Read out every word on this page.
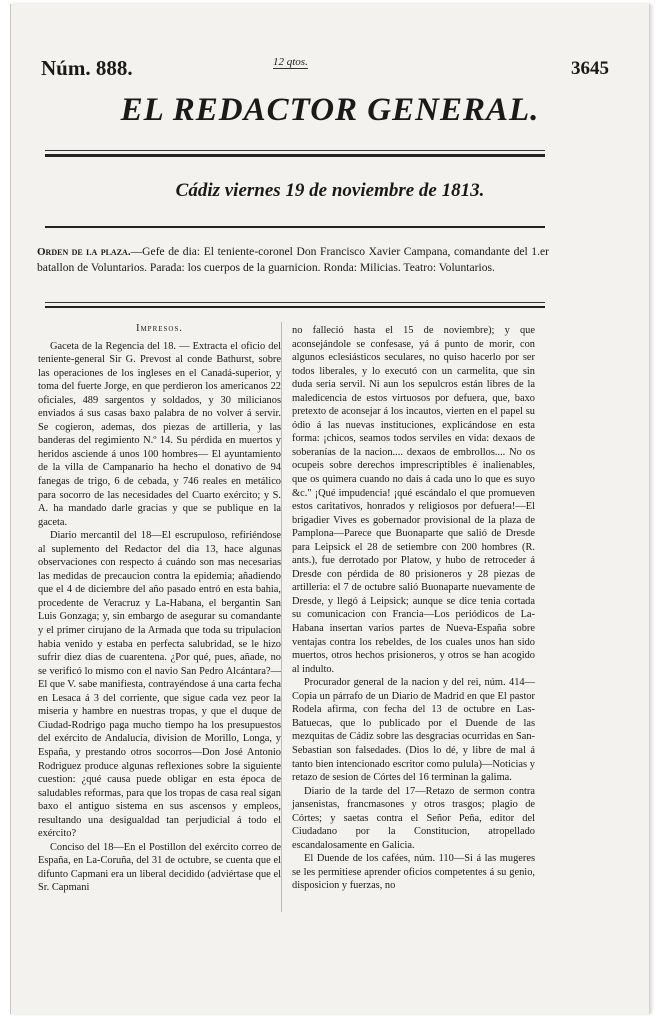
Núm. 888.	12 qtos.	3645
EL REDACTOR GENERAL.
Cádiz viernes 19 de noviembre de 1813.
Orden de la plaza.—Gefe de dia: El teniente-coronel Don Francisco Xavier Campana, comandante del 1.er batallon de Voluntarios. Parada: los cuerpos de la guarnicion. Ronda: Milicias. Teatro: Voluntarios.

Impresos.

Gaceta de la Regencia del 18. — Extracta el oficio del teniente-general Sir G. Prevost al conde Bathurst, sobre las operaciones de los ingleses en el Canadá-superior, y toma del fuerte Jorge, en que perdieron los americanos 22 oficiales, 489 sargentos y soldados, y 30 milicianos enviados á sus casas baxo palabra de no volver á servir. Se cogieron, ademas, dos piezas de artilleria, y las banderas del regimiento N.º 14. Su pérdida en muertos y heridos asciende á unos 100 hombres— El ayuntamiento de la villa de Campanario ha hecho el donativo de 94 fanegas de trigo, 6 de cebada, y 746 reales en metálico para socorro de las necesidades del Cuarto exército; y S. A. ha mandado darle gracias y que se publique en la gaceta.

Diario mercantil del 18—El escrupuloso, refiriéndose al suplemento del Redactor del dia 13, hace algunas observaciones con respecto á cuándo son mas necesarias las medidas de precaucion contra la epidemia; añadiendo que el 4 de diciembre del año pasado entró en esta bahia, procedente de Veracruz y La-Habana, el bergantin San Luis Gonzaga; y, sin embargo de asegurar su comandante y el primer cirujano de la Armada que toda su tripulacion habia venido y estaba en perfecta salubridad, se le hizo sufrir diez dias de cuarentena. ¿Por qué, pues, añade, no se verificó lo mismo con el navio San Pedro Alcántara?—El que V. sabe manifiesta, contrayéndose á una carta fecha en Lesaca á 3 del corriente, que sigue cada vez peor la miseria y hambre en nuestras tropas, y que el duque de Ciudad-Rodrigo paga mucho tiempo ha los presupuestos del exército de Andalucía, division de Morillo, Longa, y España, y prestando otros socorros—Don José Antonio Rodriguez produce algunas reflexiones sobre la siguiente cuestion: ¿qué causa puede obligar en esta época de saludables reformas, para que los tropas de casa real sigan baxo el antiguo sistema en sus ascensos y empleos, resultando una desigualdad tan perjudicial á todo el exército?

Conciso del 18—En el Postillon del exército correo de España, en La-Coruña, del 31 de octubre, se cuenta que el difunto Capmani era un liberal decidido (adviértase que el Sr. Capmani

no falleció hasta el 15 de noviembre); y que aconsejándole se confesase, yá á punto de morir, con algunos eclesiásticos seculares, no quiso hacerlo por ser todos liberales, y lo executó con un carmelita, que sin duda seria servil. Ni aun los sepulcros están libres de la maledicencia de estos virtuosos por defuera, que, baxo pretexto de aconsejar á los incautos, vierten en el papel su ódio á las nuevas instituciones, explicándose en esta forma: ¡chicos, seamos todos serviles en vida: dexaos de soberanías de la nacion.... dexaos de embrollos.... No os ocupeis sobre derechos imprescriptibles é inalienables, que os quimera cuando no dais á cada uno lo que es suyo &c." ¡Qué impudencia! ¡qué escándalo el que promueven estos caritativos, honrados y religiosos por defuera!—El brigadier Vives es gobernador provisional de la plaza de Pamplona—Parece que Buonaparte que salió de Dresde para Leipsick el 28 de setiembre con 200 hombres (R. ants.), fue derrotado por Platow, y hubo de retroceder á Dresde con pérdida de 80 prisioneros y 28 piezas de artilleria: el 7 de octubre salió Buonaparte nuevamente de Dresde, y llegó á Leipsick; aunque se dice tenia cortada su comunicacion con Francia—Los periódicos de La-Habana insertan varios partes de Nueva-España sobre ventajas contra los rebeldes, de los cuales unos han sido muertos, otros hechos prisioneros, y otros se han acogido al indulto.

Procurador general de la nacion y del rei, núm. 414—Copia un párrafo de un Diario de Madrid en que El pastor Rodela afirma, con fecha del 13 de octubre en Las-Batuecas, que lo publicado por el Duende de las mezquitas de Cádiz sobre las desgracias ocurridas en San-Sebastian son falsedades. (Dios lo dé, y libre de mal á tanto bien intencionado escritor como pulula)—Noticias y retazo de sesion de Córtes del 16 terminan la galima.

Diario de la tarde del 17—Retazo de sermon contra jansenistas, francmasones y otros trasgos; plagio de Córtes; y saetas contra el Señor Peña, editor del Ciudadano por la Constitucion, atropellado escandalosamente en Galicia.

El Duende de los cafées, núm. 110—Si á las mugeres se les permitiese aprender oficios competentes á su genio, disposicion y fuerzas, no
